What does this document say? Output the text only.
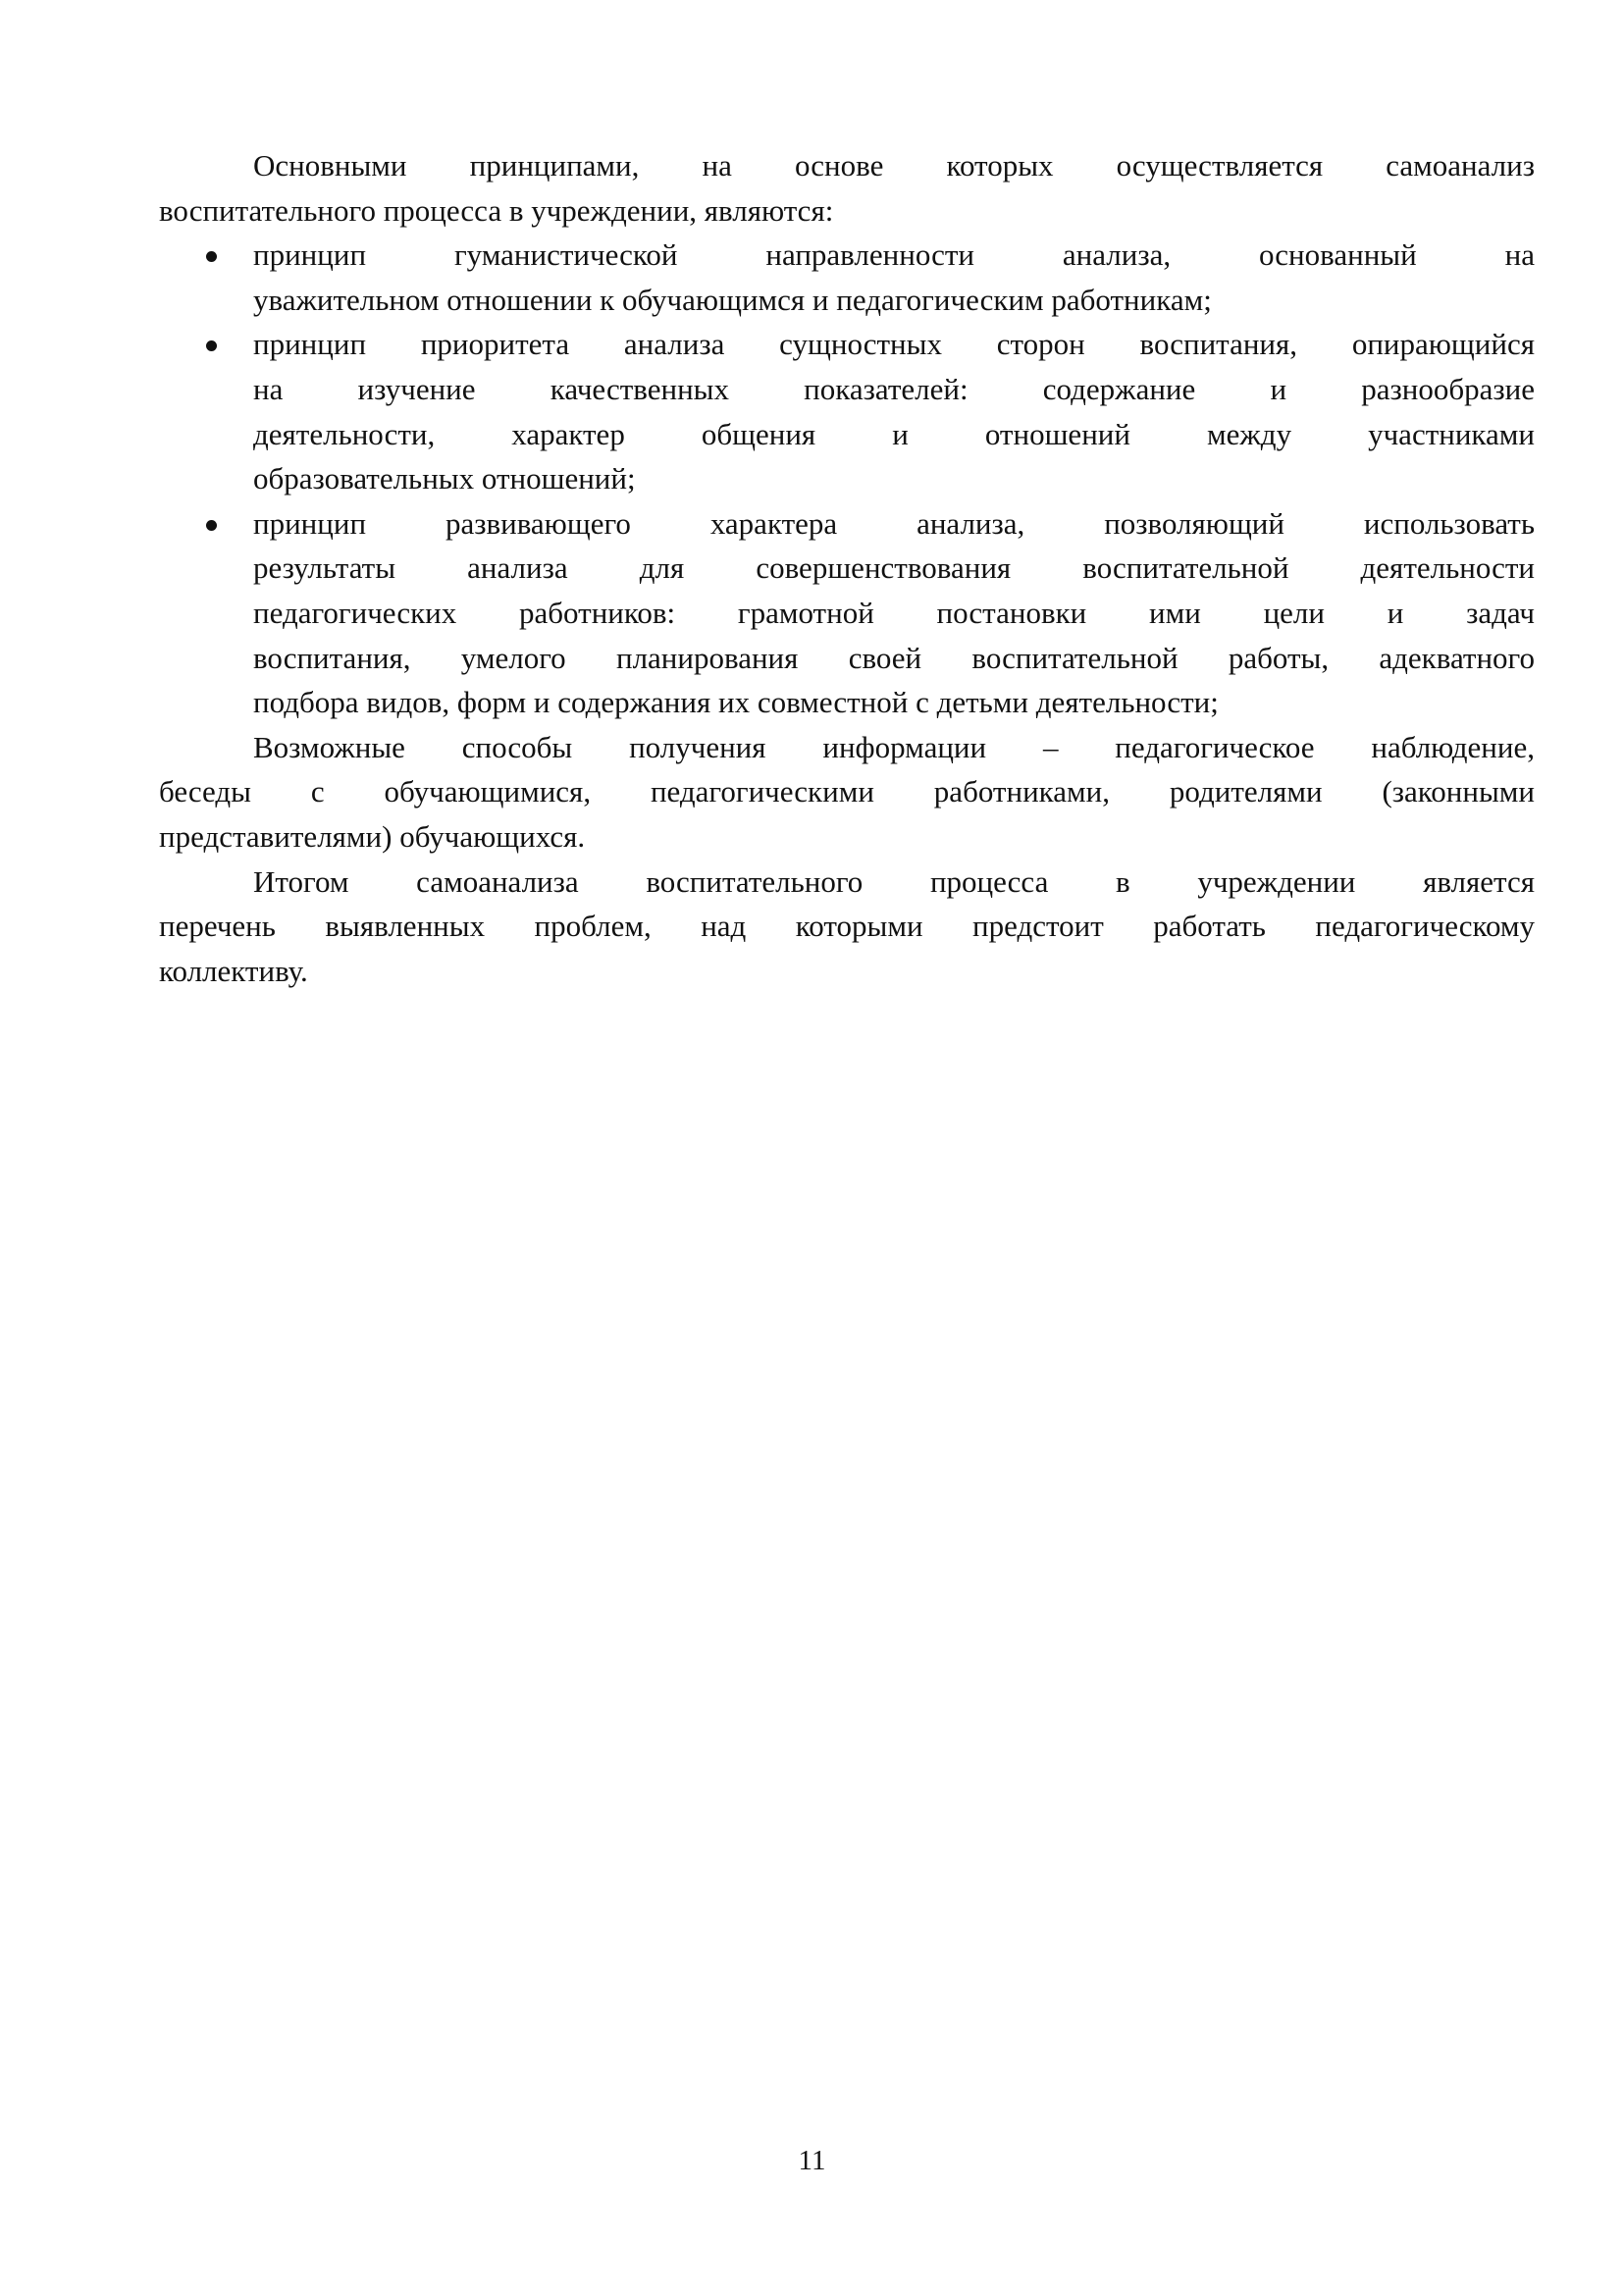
Основными принципами, на основе которых осуществляется самоанализ
воспитательного процесса в учреждении, являются:
принцип гуманистической направленности анализа, основанный на
уважительном отношении к обучающимся и педагогическим работникам;
принцип приоритета анализа сущностных сторон воспитания, опирающийся
на изучение качественных показателей: содержание и разнообразие
деятельности, характер общения и отношений между участниками
образовательных отношений;
принцип развивающего характера анализа, позволяющий использовать
результаты анализа для совершенствования воспитательной деятельности
педагогических работников: грамотной постановки ими цели и задач
воспитания, умелого планирования своей воспитательной работы, адекватного
подбора видов, форм и содержания их совместной с детьми деятельности;
Возможные способы получения информации – педагогическое наблюдение,
беседы с обучающимися, педагогическими работниками, родителями (законными
представителями) обучающихся.
Итогом самоанализа воспитательного процесса в учреждении является
перечень выявленных проблем, над которыми предстоит работать педагогическому
коллективу.
11
